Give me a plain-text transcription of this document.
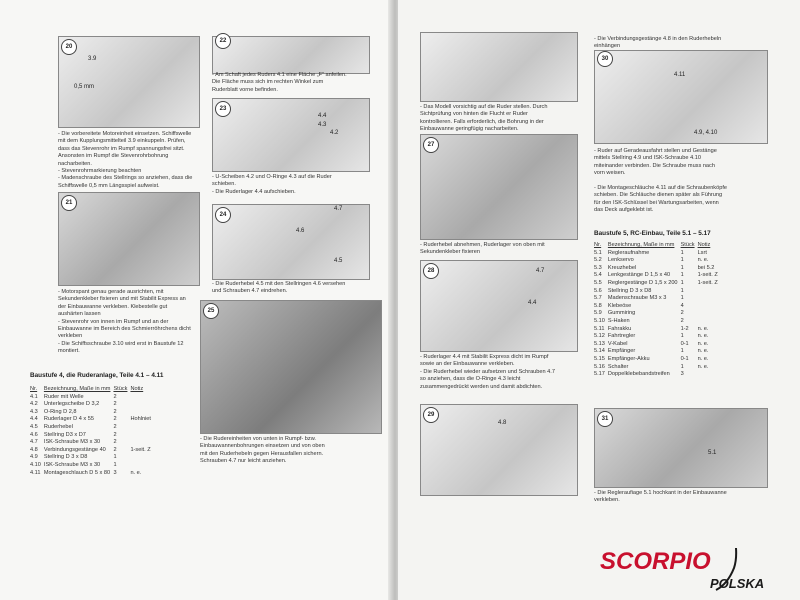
20
3.9
0,5 mm
- Die vorbereitete Motoreinheit einsetzen. Schiffswelle
mit dem Kupplungsmittelteil 3.9 einkuppeln. Prüfen,
dass das Stevenrohr im Rumpf spannungsfrei sitzt.
Ansonsten im Rumpf die Stevenrohrbohrung
nacharbeiten.
- Stevenrohrmarkierung beachten
- Madenschraube des Stellrings so anziehen, dass die
Schiffswelle 0,5 mm Längsspiel aufweist.
21
- Motorspant genau gerade ausrichten, mit
Sekundenkleber fixieren und mit Stabilit Express an
der Einbauwanne verkleben. Klebestelle gut
aushärten lassen
- Stevenrohr von innen im Rumpf und an der
Einbauwanne im Bereich des Schmierröhrchens dicht
verkleben
- Die Schiffsschraube 3.10 wird erst in Baustufe 12
montiert.
22
- Am Schaft jedes Ruders 4.1 eine Fläche „F“ anfeilen.
Die Fläche muss sich im rechten Winkel zum
Ruderblatt vorne befinden.
23
4.4
4.3
4.2
- U-Scheiben 4.2 und O-Ringe 4.3 auf die Ruder
schieben.
- Die Ruderlager 4.4 aufschieben.
24
4.7
4.6
4.5
- Die Ruderhebel 4.5 mit den Stellringen 4.6 versehen
und Schrauben 4.7 eindrehen.
25
- Die Rudereinheiten von unten in Rumpf- bzw.
Einbauwannenbohrungen einsetzen und von oben
mit den Ruderhebeln gegen Herausfallen sichern.
Schrauben 4.7 nur leicht anziehen.
Baustufe 4, die Ruderanlage, Teile 4.1 – 4.11
Nr.	Bezeichnung, Maße in mm	Stück	Notiz
4.1	Ruder mit Welle	2	
4.2	Unterlegscheibe D 3,2	2	
4.3	O-Ring D 2,8	2	
4.4	Ruderlager D 4 x 55	2	Hohlniet
4.5	Ruderhebel	2	
4.6	Stellring D3 x D7	2	
4.7	ISK-Schraube M3 x 30	2	
4.8	Verbindungsgestänge 40	2	1-seit. Z
4.9	Stellring D 3 x D8	1	
4.10	ISK-Schraube M3 x 30	1	
4.11	Montageschlauch D 5 x 80	3	n. e.
- Das Modell vorsichtig auf die Ruder stellen. Durch
Sichtprüfung von hinten die Flucht er Ruder
kontrollieren. Falls erforderlich, die Bohrung in der
Einbauwanne geringfügig nacharbeiten.
27
- Ruderhebel abnehmen, Ruderlager von oben mit
Sekundenkleber fixieren
28	4.7
4.4
- Ruderlager 4.4 mit Stabilit Express dicht im Rumpf
sowie an der Einbauwanne verkleben.
- Die Ruderhebel wieder aufsetzen und Schrauben 4.7
so anziehen, dass die O-Ringe 4.3 leicht
zusammengedrückt werden und damit abdichten.
29
4.8
- Die Verbindungsgestänge 4.8 in den Ruderhebeln
einhängen
30
4.11
4.9, 4.10
- Ruder auf Geradeausfahrt stellen und Gestänge
mittels Stellring 4.9 und ISK-Schraube 4.10
miteinander verbinden. Die Schraube muss nach
vorn weisen.

- Die Montageschläuche 4.11 auf die Schraubenköpfe
schieben. Die Schläuche dienen später als Führung
für den ISK-Schlüssel bei Wartungsarbeiten, wenn
das Deck aufgeklebt ist.
Baustufe 5, RC-Einbau, Teile 5.1 – 5.17
Nr.	Bezeichnung, Maße in mm	Stück	Notiz
5.1	Regleraufnahme	1	Lsrt
5.2	Lenkservo	1	n. e.
5.3	Kreuzhebel	1	bei 5.2
5.4	Lenkgestänge D 1,5 x 40	1	1-seit. Z
5.5	Reglergestänge D 1,5 x 200	1	1-seit. Z
5.6	Stellring D 3 x D8	1	
5.7	Madenschraube M3 x 3	1	
5.8	Klebeöse	4	
5.9	Gummiring	2	
5.10	S-Haken	2	
5.11	Fahrakku	1-2	n. e.
5.12	Fahrtregler	1	n. e.
5.13	V-Kabel	0-1	n. e.
5.14	Empfänger	1	n. e.
5.15	Empfänger-Akku	0-1	n. e.
5.16	Schalter	1	n. e.
5.17	Doppelklebebandstreifen	3	
31
5.1
- Die Regleraufiage 5.1 hochkant in der Einbauwanne
verkleben.
SCORPIO
POLSKA
